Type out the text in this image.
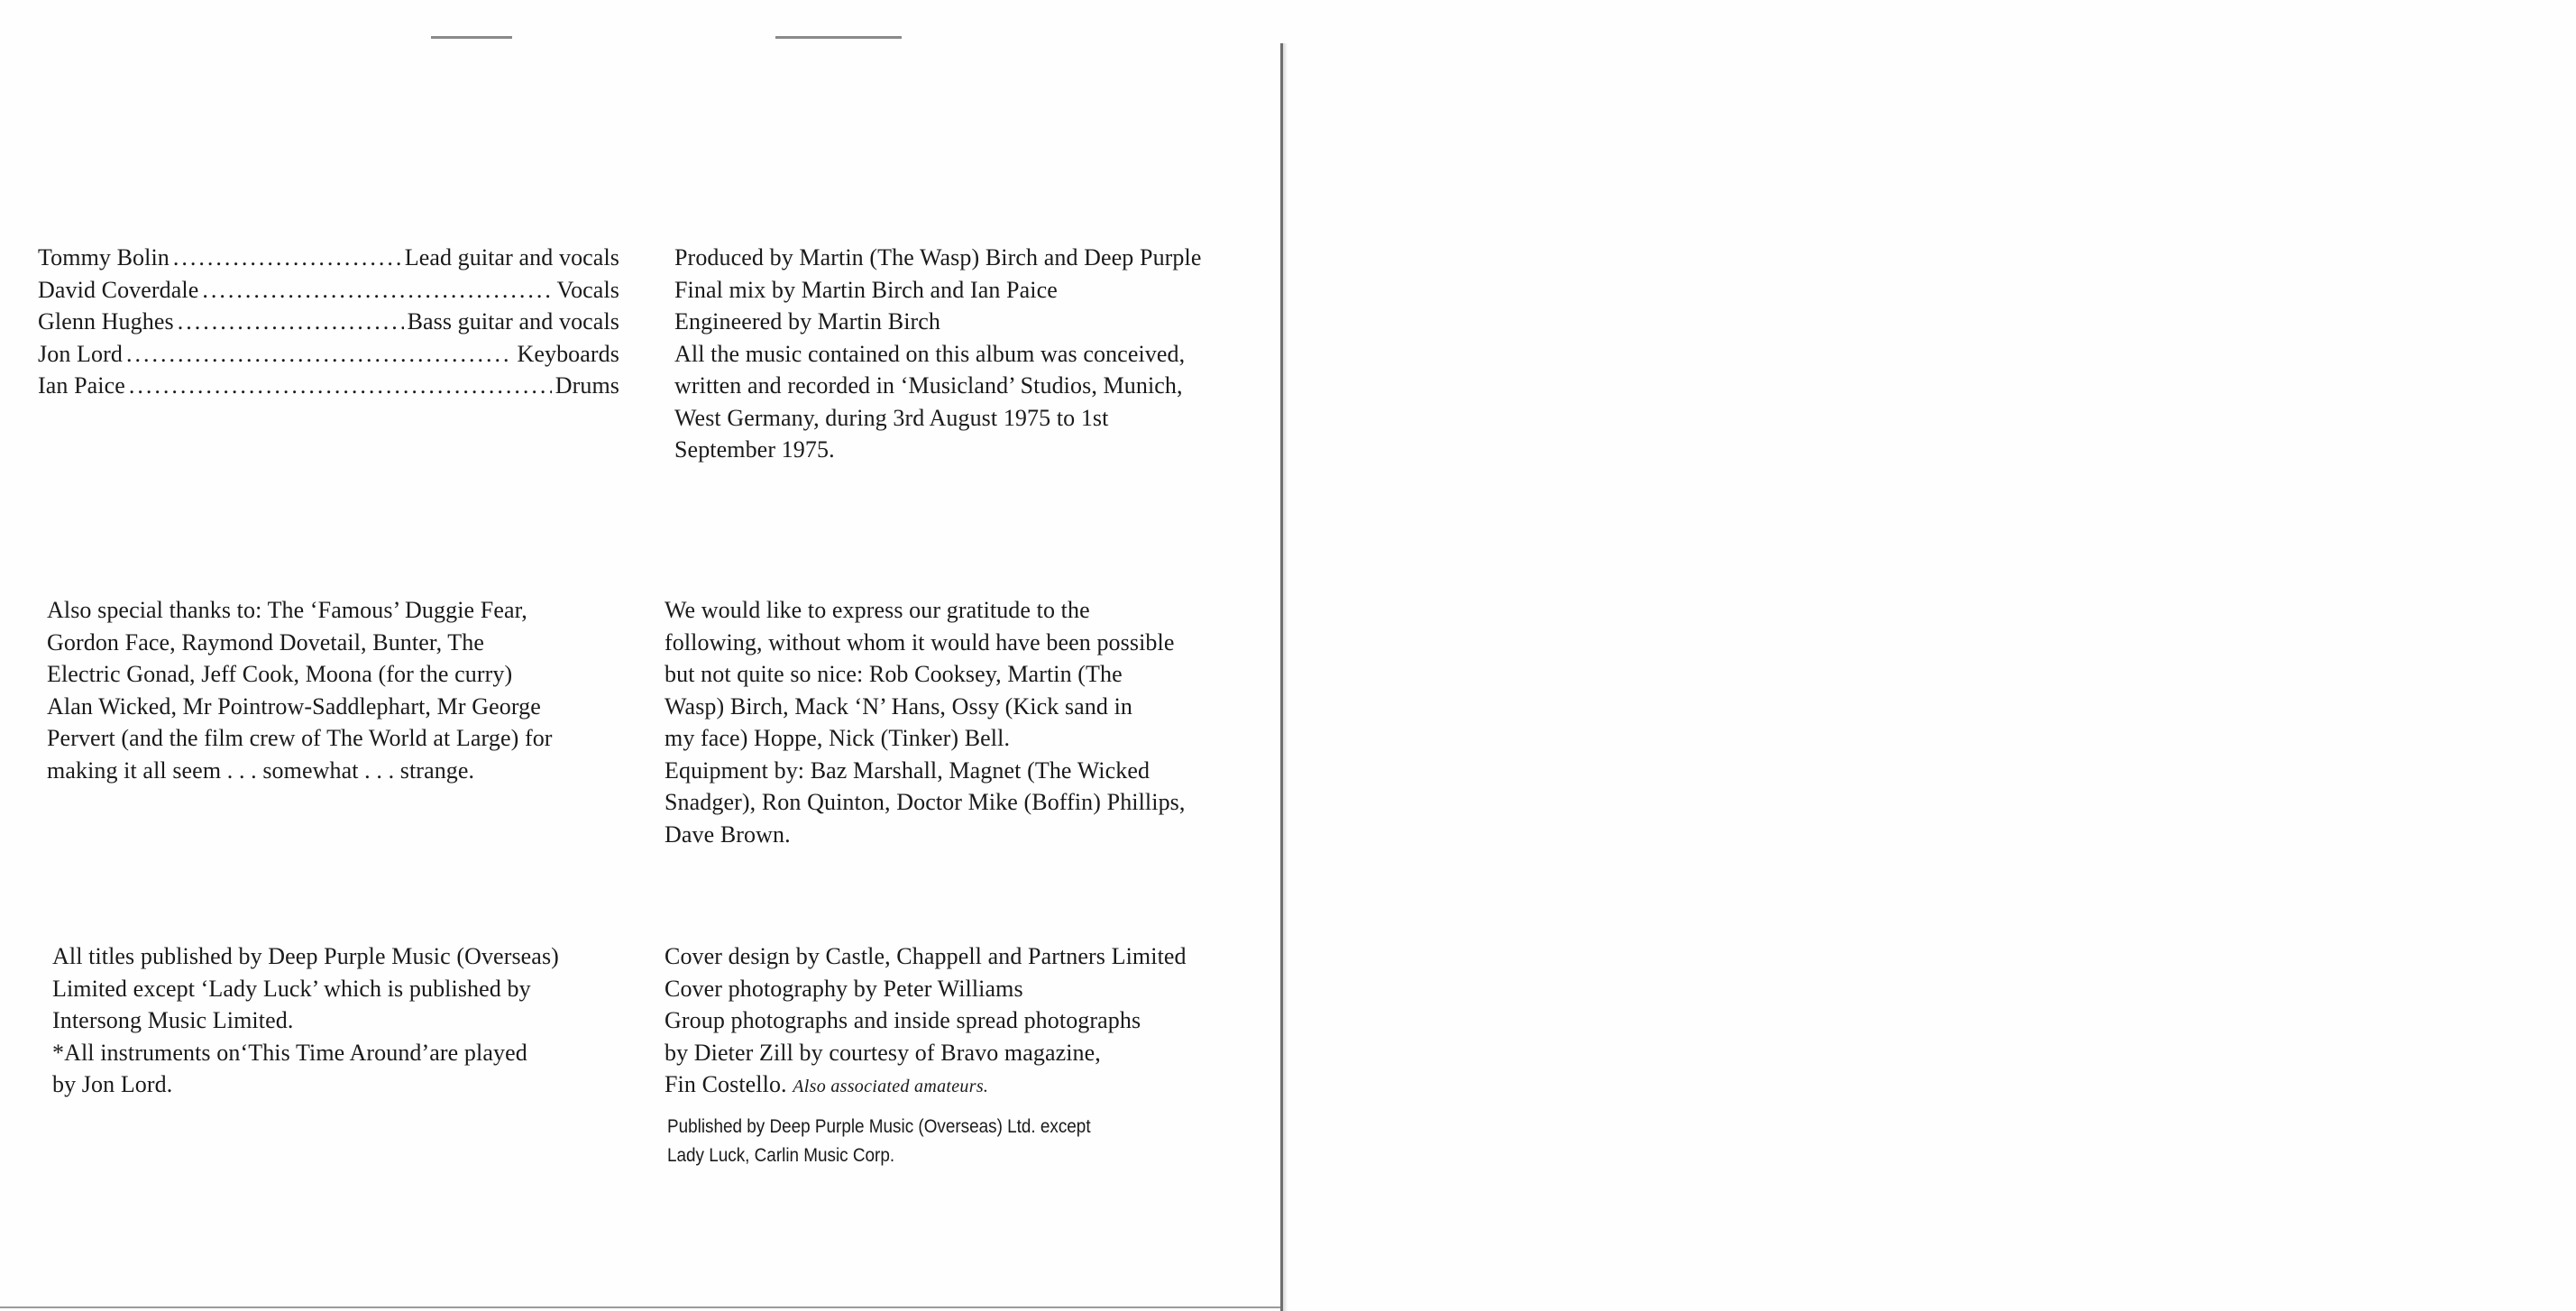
Tommy Bolin .....	Lead guitar and vocals
David Coverdale .....	Vocals
Glenn Hughes .....	Bass guitar and vocals
Jon Lord .....	Keyboards
Ian Paice .....	Drums
Produced by Martin (The Wasp) Birch and Deep Purple
Final mix by Martin Birch and Ian Paice
Engineered by Martin Birch
All the music contained on this album was conceived,
written and recorded in ‘Musicland’ Studios, Munich,
West Germany, during 3rd August 1975 to 1st
September 1975.
Also special thanks to: The ‘Famous’ Duggie Fear,
Gordon Face, Raymond Dovetail, Bunter, The
Electric Gonad, Jeff Cook, Moona (for the curry)
Alan Wicked, Mr Pointrow-Saddlephart, Mr George
Pervert (and the film crew of The World at Large) for
making it all seem . . . somewhat . . . strange.
We would like to express our gratitude to the
following, without whom it would have been possible
but not quite so nice: Rob Cooksey, Martin (The
Wasp) Birch, Mack ‘N’ Hans, Ossy (Kick sand in
my face) Hoppe, Nick (Tinker) Bell.
Equipment by: Baz Marshall, Magnet (The Wicked
Snadger), Ron Quinton, Doctor Mike (Boffin) Phillips,
Dave Brown.
All titles published by Deep Purple Music (Overseas)
Limited except ‘Lady Luck’ which is published by
Intersong Music Limited.
*All instruments on‘This Time Around’are played
by Jon Lord.
Cover design by Castle, Chappell and Partners Limited
Cover photography by Peter Williams
Group photographs and inside spread photographs
by Dieter Zill by courtesy of Bravo magazine,
Fin Costello. Also associated amateurs.
Published by Deep Purple Music (Overseas) Ltd. except
Lady Luck, Carlin Music Corp.
